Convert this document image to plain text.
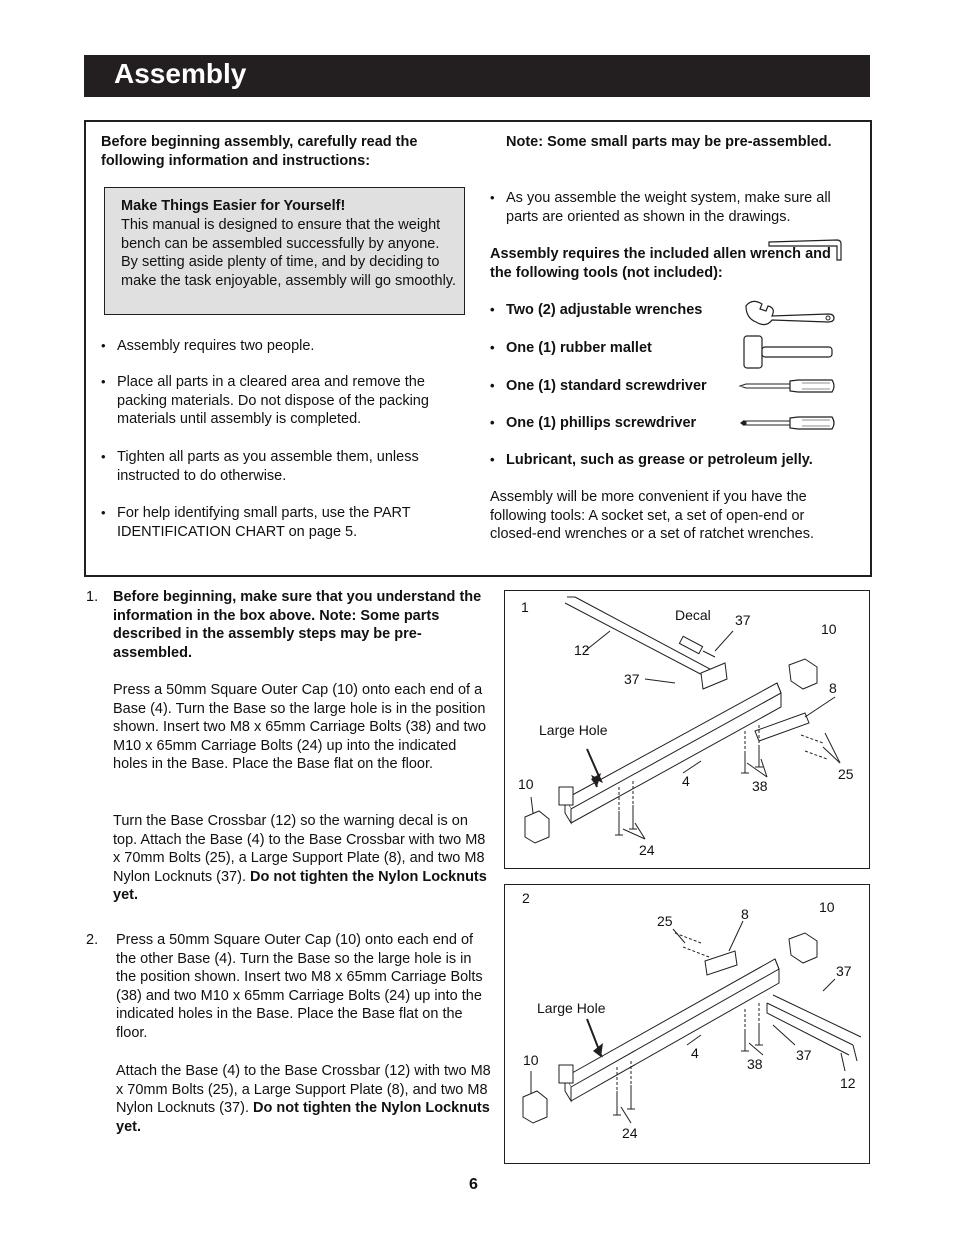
Assembly
Before beginning assembly, carefully read the following information and instructions:
Make Things Easier for Yourself!
This manual is designed to ensure that the weight bench can be assembled successfully by anyone. By setting aside plenty of time, and by deciding to make the task enjoyable, assembly will go smoothly.
• Assembly requires two people.
• Place all parts in a cleared area and remove the packing materials. Do not dispose of the packing materials until assembly is completed.
• Tighten all parts as you assemble them, unless instructed to do otherwise.
• For help identifying small parts, use the PART IDENTIFICATION CHART on page 5.
Note: Some small parts may be pre-assembled.
• As you assemble the weight system, make sure all parts are oriented as shown in the drawings.
Assembly requires the included allen wrench and the following tools (not included):
• Two (2) adjustable wrenches
• One (1) rubber mallet
• One (1) standard screwdriver
• One (1) phillips screwdriver
• Lubricant, such as grease or petroleum jelly.
Assembly will be more convenient if you have the following tools: A socket set, a set of open-end or closed-end wrenches or a set of ratchet wrenches.
1. Before beginning, make sure that you understand the information in the box above. Note: Some parts described in the assembly steps may be pre-assembled.
Press a 50mm Square Outer Cap (10) onto each end of a Base (4). Turn the Base so the large hole is in the position shown. Insert two M8 x 65mm Carriage Bolts (38) and two M10 x 65mm Carriage Bolts (24) up into the indicated holes in the Base. Place the Base flat on the floor.
Turn the Base Crossbar (12) so the warning decal is on top. Attach the Base (4) to the Base Crossbar with two M8 x 70mm Bolts (25), a Large Support Plate (8), and two M8 Nylon Locknuts (37). Do not tighten the Nylon Locknuts yet.
2. Press a 50mm Square Outer Cap (10) onto each end of the other Base (4). Turn the Base so the large hole is in the position shown. Insert two M8 x 65mm Carriage Bolts (38) and two M10 x 65mm Carriage Bolts (24) up into the indicated holes in the Base. Place the Base flat on the floor.
Attach the Base (4) to the Base Crossbar (12) with two M8 x 70mm Bolts (25), a Large Support Plate (8), and two M8 Nylon Locknuts (37). Do not tighten the Nylon Locknuts yet.
1	Decal 37
10
12
37
8
Large Hole
10	4	38
25
24
2
25	8	10
37
Large Hole
10	4
38
37
12
24
6
